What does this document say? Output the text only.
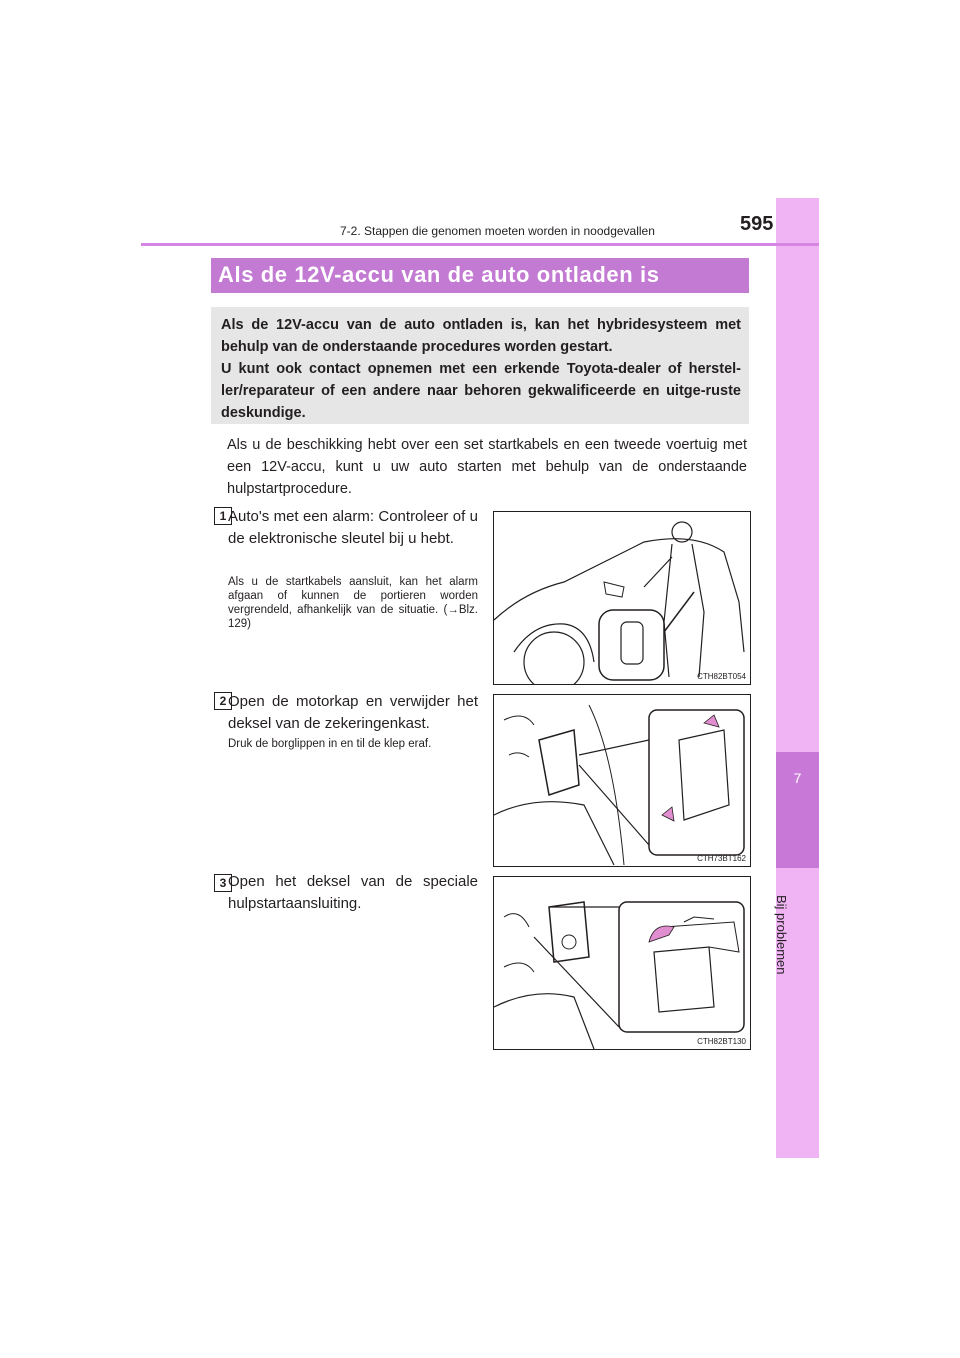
7
Bij problemen
7-2. Stappen die genomen moeten worden in noodgevallen	595
Als de 12V-accu van de auto ontladen is

Als de 12V-accu van de auto ontladen is, kan het hybridesysteem met behulp van de onderstaande procedures worden gestart.

U kunt ook contact opnemen met een erkende Toyota-dealer of herstel-ler/reparateur of een andere naar behoren gekwalificeerde en uitge-ruste deskundige.

Als u de beschikking hebt over een set startkabels en een tweede voertuig met een 12V-accu, kunt u uw auto starten met behulp van de onderstaande hulpstartprocedure.
1 Auto's met een alarm: Controleer of u de elektronische sleutel bij u hebt.
Als u de startkabels aansluit, kan het alarm afgaan of kunnen de portieren worden vergrendeld, afhankelijk van de situatie. (→Blz. 129)
CTH82BT054
2 Open de motorkap en verwijder het deksel van de zekeringenkast.
Druk de borglippen in en til de klep eraf.
CTH73BT162
3 Open het deksel van de speciale hulpstartaansluiting.
CTH82BT130
